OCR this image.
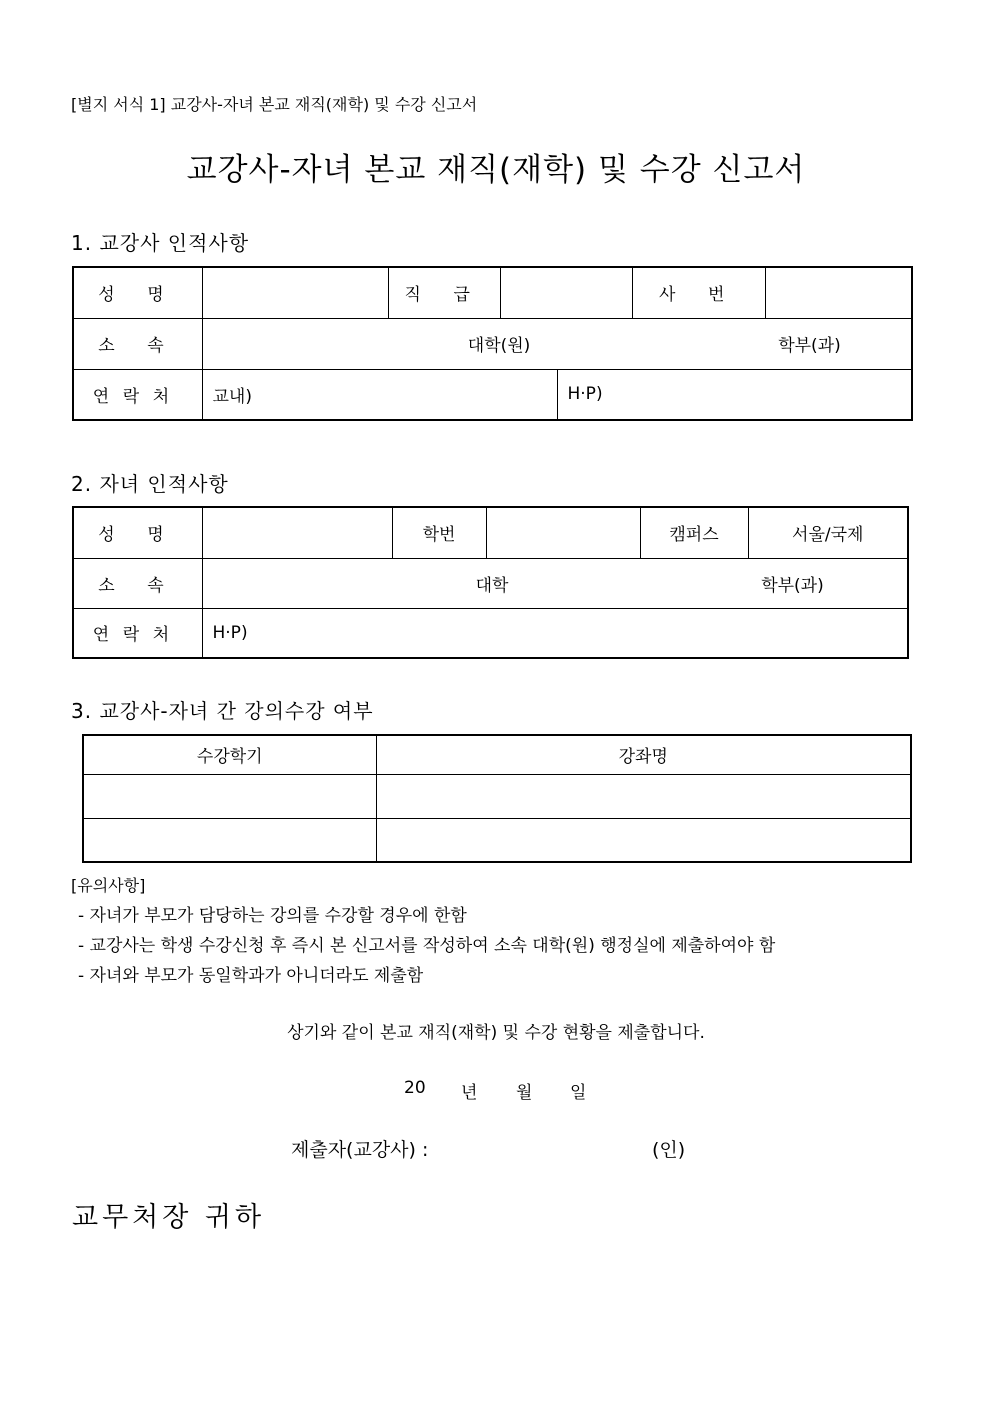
[별지 서식 1] 교강사-자녀 본교 재직(재학) 및 수강 신고서
교강사-자녀 본교 재직(재학) 및 수강 신고서
1. 교강사 인적사항
성 명		직 급			사 번	
소 속	대학(원) 학부(과)					
연락처	교내)			H·P)		
2. 자녀 인적사항
성 명		학번		캠퍼스	서울/국제
소 속	대학 학부(과)				
연락처	H·P)				
3. 교강사-자녀 간 강의수강 여부
수강학기	강좌명

[유의사항]
- 자녀가 부모가 담당하는 강의를 수강할 경우에 한함
- 교강사는 학생 수강신청 후 즉시 본 신고서를 작성하여 소속 대학(원) 행정실에 제출하여야 함
- 자녀와 부모가 동일학과가 아니더라도 제출함
상기와 같이 본교 재직(재학) 및 수강 현황을 제출합니다.
20 년 월 일
제출자(교강사) :	(인)
교무처장 귀하
